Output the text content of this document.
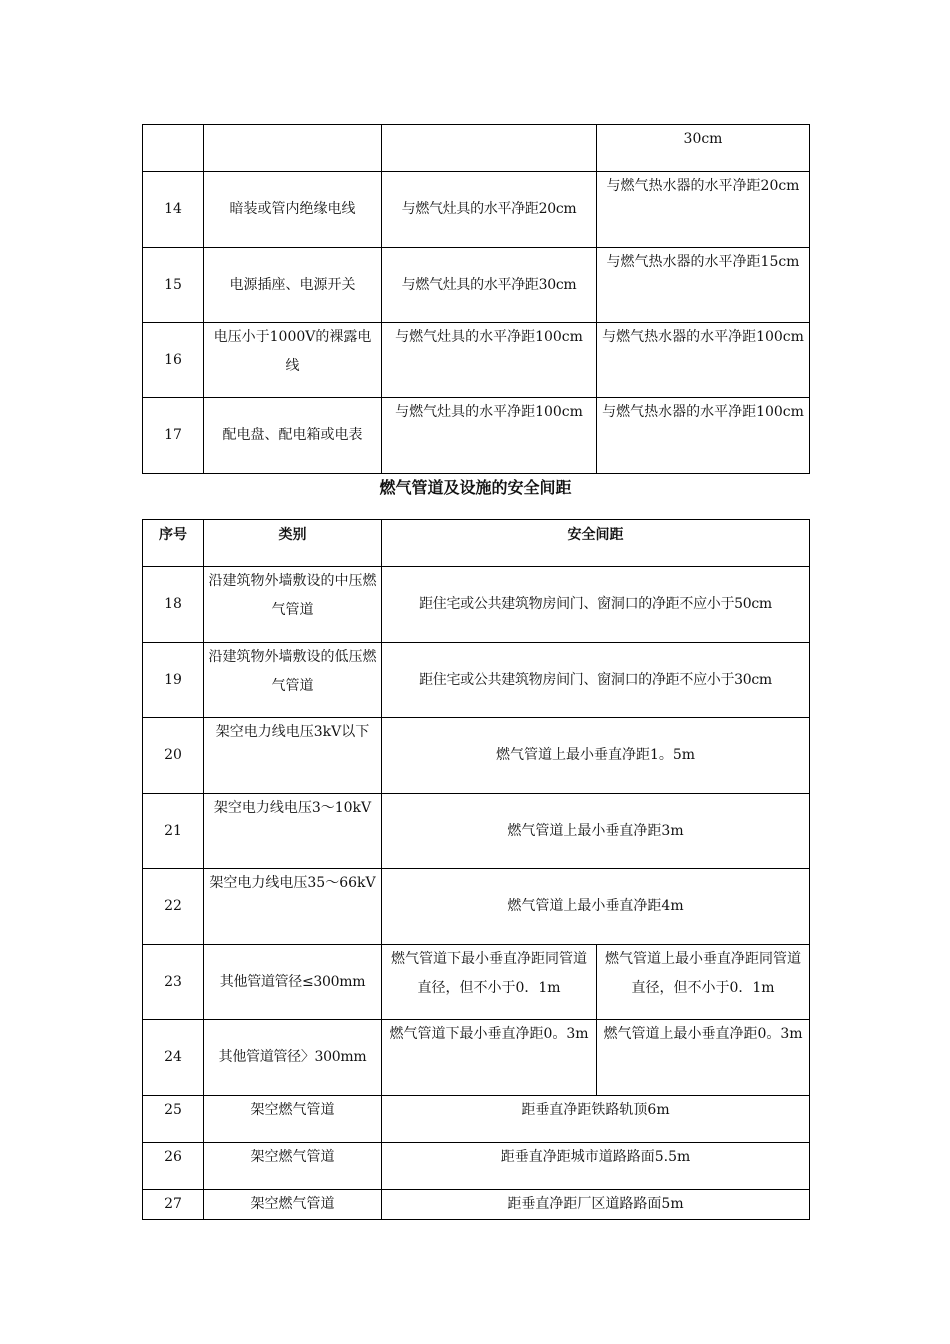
			30cm
14	暗装或管内绝缘电线	与燃气灶具的水平净距20cm	与燃气热水器的水平净距20cm
15	电源插座、电源开关	与燃气灶具的水平净距30cm	与燃气热水器的水平净距15cm
16	电压小于1000V的裸露电线	与燃气灶具的水平净距100cm	与燃气热水器的水平净距100cm
17	配电盘、配电箱或电表	与燃气灶具的水平净距100cm	与燃气热水器的水平净距100cm
燃气管道及设施的安全间距
序号	类别	安全间距	
18	沿建筑物外墙敷设的中压燃气管道	距住宅或公共建筑物房间门、窗洞口的净距不应小于50cm	
19	沿建筑物外墙敷设的低压燃气管道	距住宅或公共建筑物房间门、窗洞口的净距不应小于30cm	
20	架空电力线电压3kV以下	燃气管道上最小垂直净距1。5m	
21	架空电力线电压3～10kV	燃气管道上最小垂直净距3m	
22	架空电力线电压35～66kV	燃气管道上最小垂直净距4m	
23	其他管道管径≤300mm	燃气管道下最小垂直净距同管道直径，但不小于0．1m	燃气管道上最小垂直净距同管道直径，但不小于0．1m
24	其他管道管径〉300mm	燃气管道下最小垂直净距0。3m	燃气管道上最小垂直净距0。3m
25	架空燃气管道	距垂直净距铁路轨顶6m	
26	架空燃气管道	距垂直净距城市道路路面5.5m	
27	架空燃气管道	距垂直净距厂区道路路面5m	
